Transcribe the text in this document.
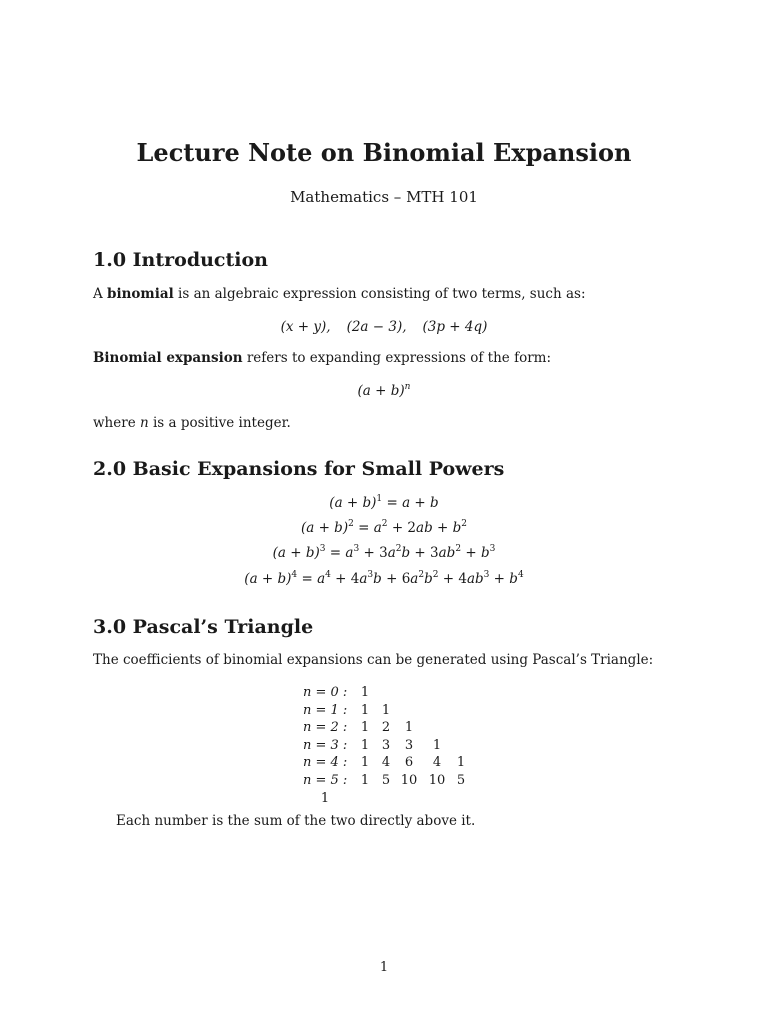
Lecture Note on Binomial Expansion
Mathematics – MTH 101
1.0 Introduction
A binomial is an algebraic expression consisting of two terms, such as:
(x + y), (2a − 3), (3p + 4q)
Binomial expansion refers to expanding expressions of the form:
$(a + b)^n$
where n is a positive integer.
2.0 Basic Expansions for Small Powers
$(a + b)^1 = a + b$
$(a + b)^2 = a^2 + 2ab + b^2$
$(a + b)^3 = a^3 + 3a^2b + 3ab^2 + b^3$
$(a + b)^4 = a^4 + 4a^3b + 6a^2b^2 + 4ab^3 + b^4$
3.0 Pascal’s Triangle
The coefficients of binomial expansions can be generated using Pascal’s Triangle:
n = 0 :	1
n = 1 :	1 1
n = 2 :	1 2	1
n = 3 :	1 3	3	1
n = 4 :	1 4	6	4	1
n = 5 :	1 5 10 10 5
1
Each number is the sum of the two directly above it.
1
